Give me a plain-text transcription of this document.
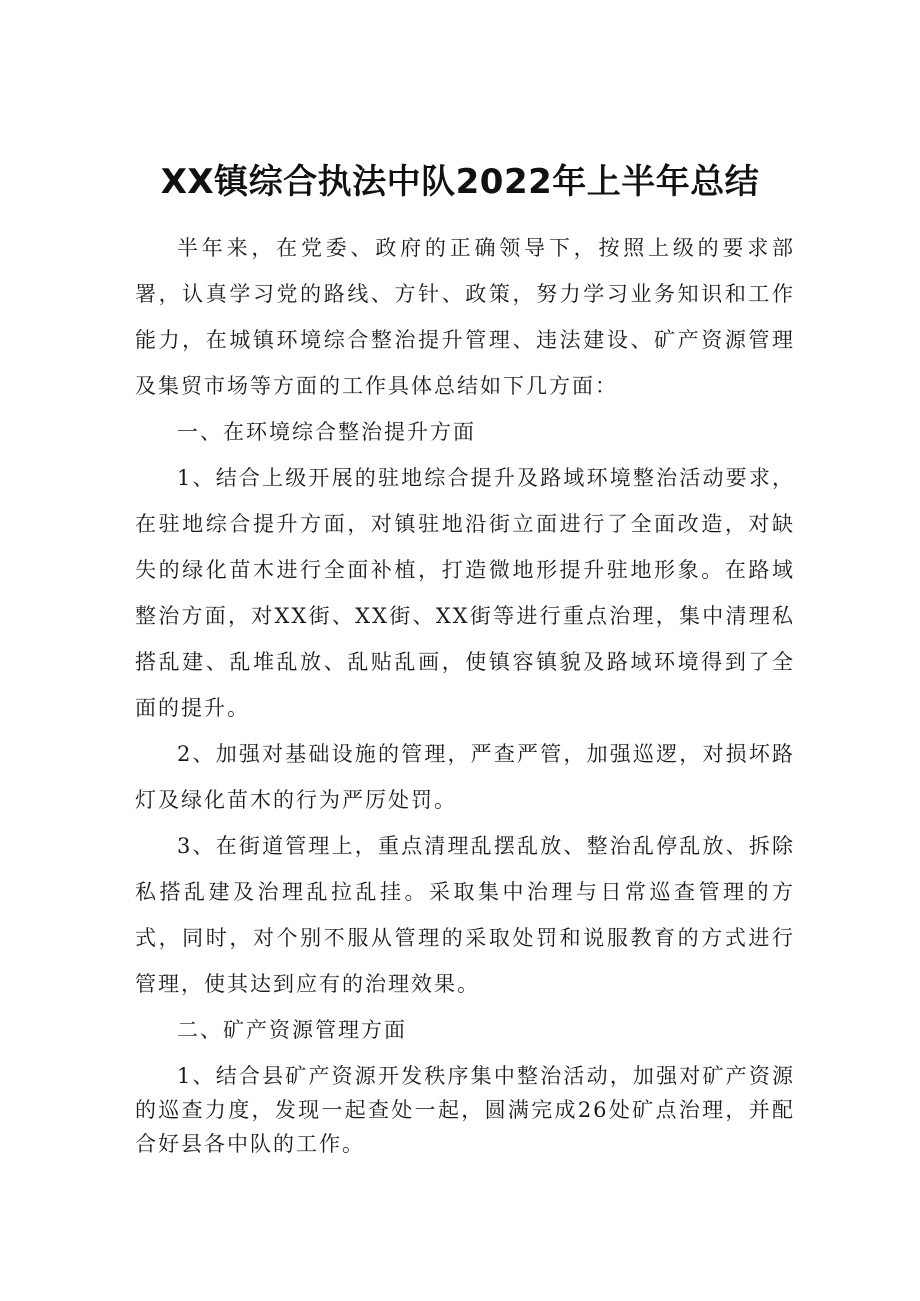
XX镇综合执法中队2022年上半年总结

半年来，在党委、政府的正确领导下，按照上级的要求部署，认真学习党的路线、方针、政策，努力学习业务知识和工作能力，在城镇环境综合整治提升管理、违法建设、矿产资源管理及集贸市场等方面的工作具体总结如下几方面：

一、在环境综合整治提升方面

1、结合上级开展的驻地综合提升及路域环境整治活动要求，在驻地综合提升方面，对镇驻地沿街立面进行了全面改造，对缺失的绿化苗木进行全面补植，打造微地形提升驻地形象。在路域整治方面，对XX街、XX街、XX街等进行重点治理，集中清理私搭乱建、乱堆乱放、乱贴乱画，使镇容镇貌及路域环境得到了全面的提升。

2、加强对基础设施的管理，严查严管，加强巡逻，对损坏路灯及绿化苗木的行为严厉处罚。

3、在街道管理上，重点清理乱摆乱放、整治乱停乱放、拆除私搭乱建及治理乱拉乱挂。采取集中治理与日常巡查管理的方式，同时，对个别不服从管理的采取处罚和说服教育的方式进行管理，使其达到应有的治理效果。

二、矿产资源管理方面

1、结合县矿产资源开发秩序集中整治活动，加强对矿产资源的巡查力度，发现一起查处一起，圆满完成26处矿点治理，并配合好县各中队的工作。
